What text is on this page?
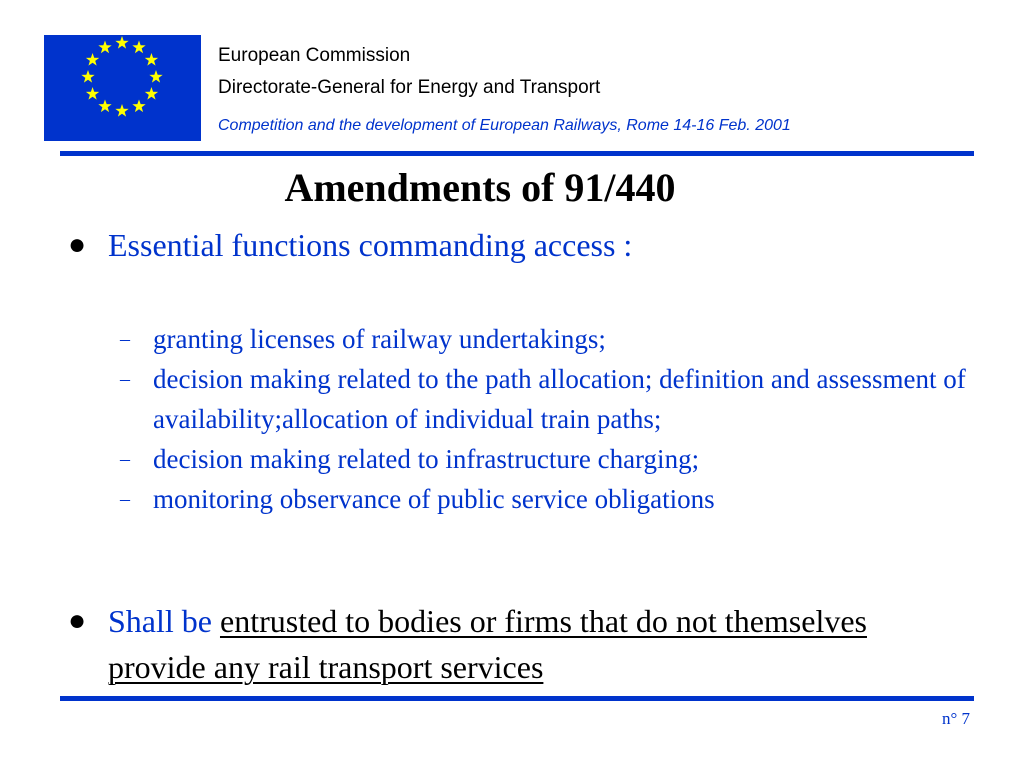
European Commission
Directorate-General for Energy and Transport
Competition and the development of European Railways, Rome 14-16 Feb. 2001
Amendments of 91/440
● Essential functions commanding access :
– granting licenses of railway undertakings;
– decision making related to the path allocation; definition and assessment of availability;allocation of individual train paths;
– decision making related to infrastructure charging;
– monitoring observance of public service obligations
● Shall be entrusted to bodies or firms that do not themselves provide any rail transport services
n° 7
